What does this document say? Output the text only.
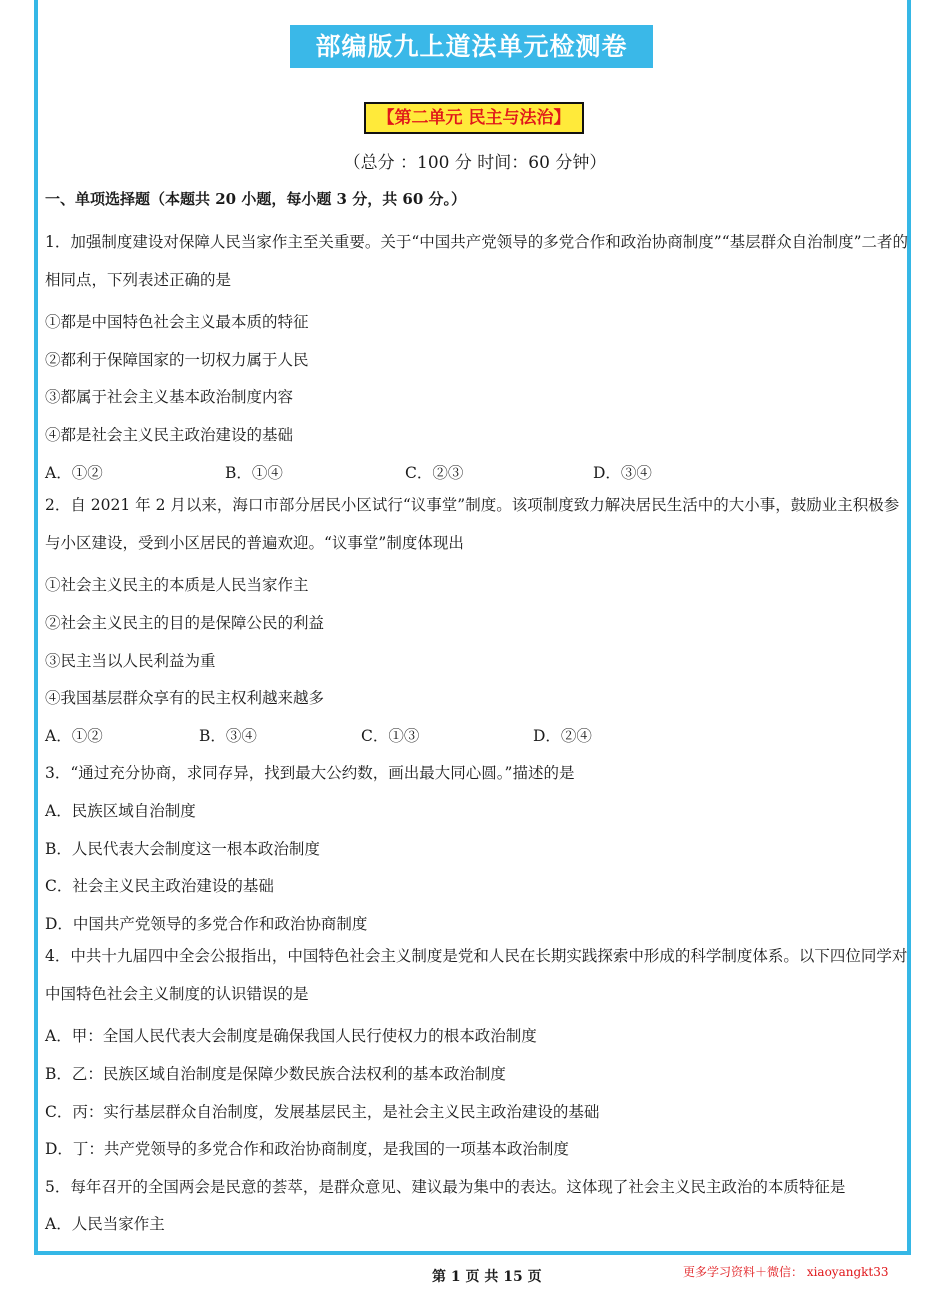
部编版九上道法单元检测卷
【第二单元 民主与法治】
（总分 ：100 分 时间：60 分钟）
一、单项选择题（本题共 20 小题，每小题 3 分，共 60 分。）
1．加强制度建设对保障人民当家作主至关重要。关于“中国共产党领导的多党合作和政治协商制度”“基层群众自治制度”二者的相同点，下列表述正确的是
①都是中国特色社会主义最本质的特征
②都利于保障国家的一切权力属于人民
③都属于社会主义基本政治制度内容
④都是社会主义民主政治建设的基础
A．①②	B．①④	C．②③	D．③④
2．自 2021 年 2 月以来，海口市部分居民小区试行“议事堂”制度。该项制度致力解决居民生活中的大小事，鼓励业主积极参与小区建设，受到小区居民的普遍欢迎。“议事堂”制度体现出
①社会主义民主的本质是人民当家作主
②社会主义民主的目的是保障公民的利益
③民主当以人民利益为重
④我国基层群众享有的民主权利越来越多
A．①②	B．③④	C．①③	D．②④
3．“通过充分协商，求同存异，找到最大公约数，画出最大同心圆。”描述的是
A．民族区域自治制度
B．人民代表大会制度这一根本政治制度
C．社会主义民主政治建设的基础
D．中国共产党领导的多党合作和政治协商制度
4．中共十九届四中全会公报指出，中国特色社会主义制度是党和人民在长期实践探索中形成的科学制度体系。以下四位同学对中国特色社会主义制度的认识错误的是
A．甲：全国人民代表大会制度是确保我国人民行使权力的根本政治制度
B．乙：民族区域自治制度是保障少数民族合法权利的基本政治制度
C．丙：实行基层群众自治制度，发展基层民主，是社会主义民主政治建设的基础
D．丁：共产党领导的多党合作和政治协商制度，是我国的一项基本政治制度
5．每年召开的全国两会是民意的荟萃，是群众意见、建议最为集中的表达。这体现了社会主义民主政治的本质特征是
A．人民当家作主
第 1 页 共 15 页	更多学习资料＋微信： xiaoyangkt33
